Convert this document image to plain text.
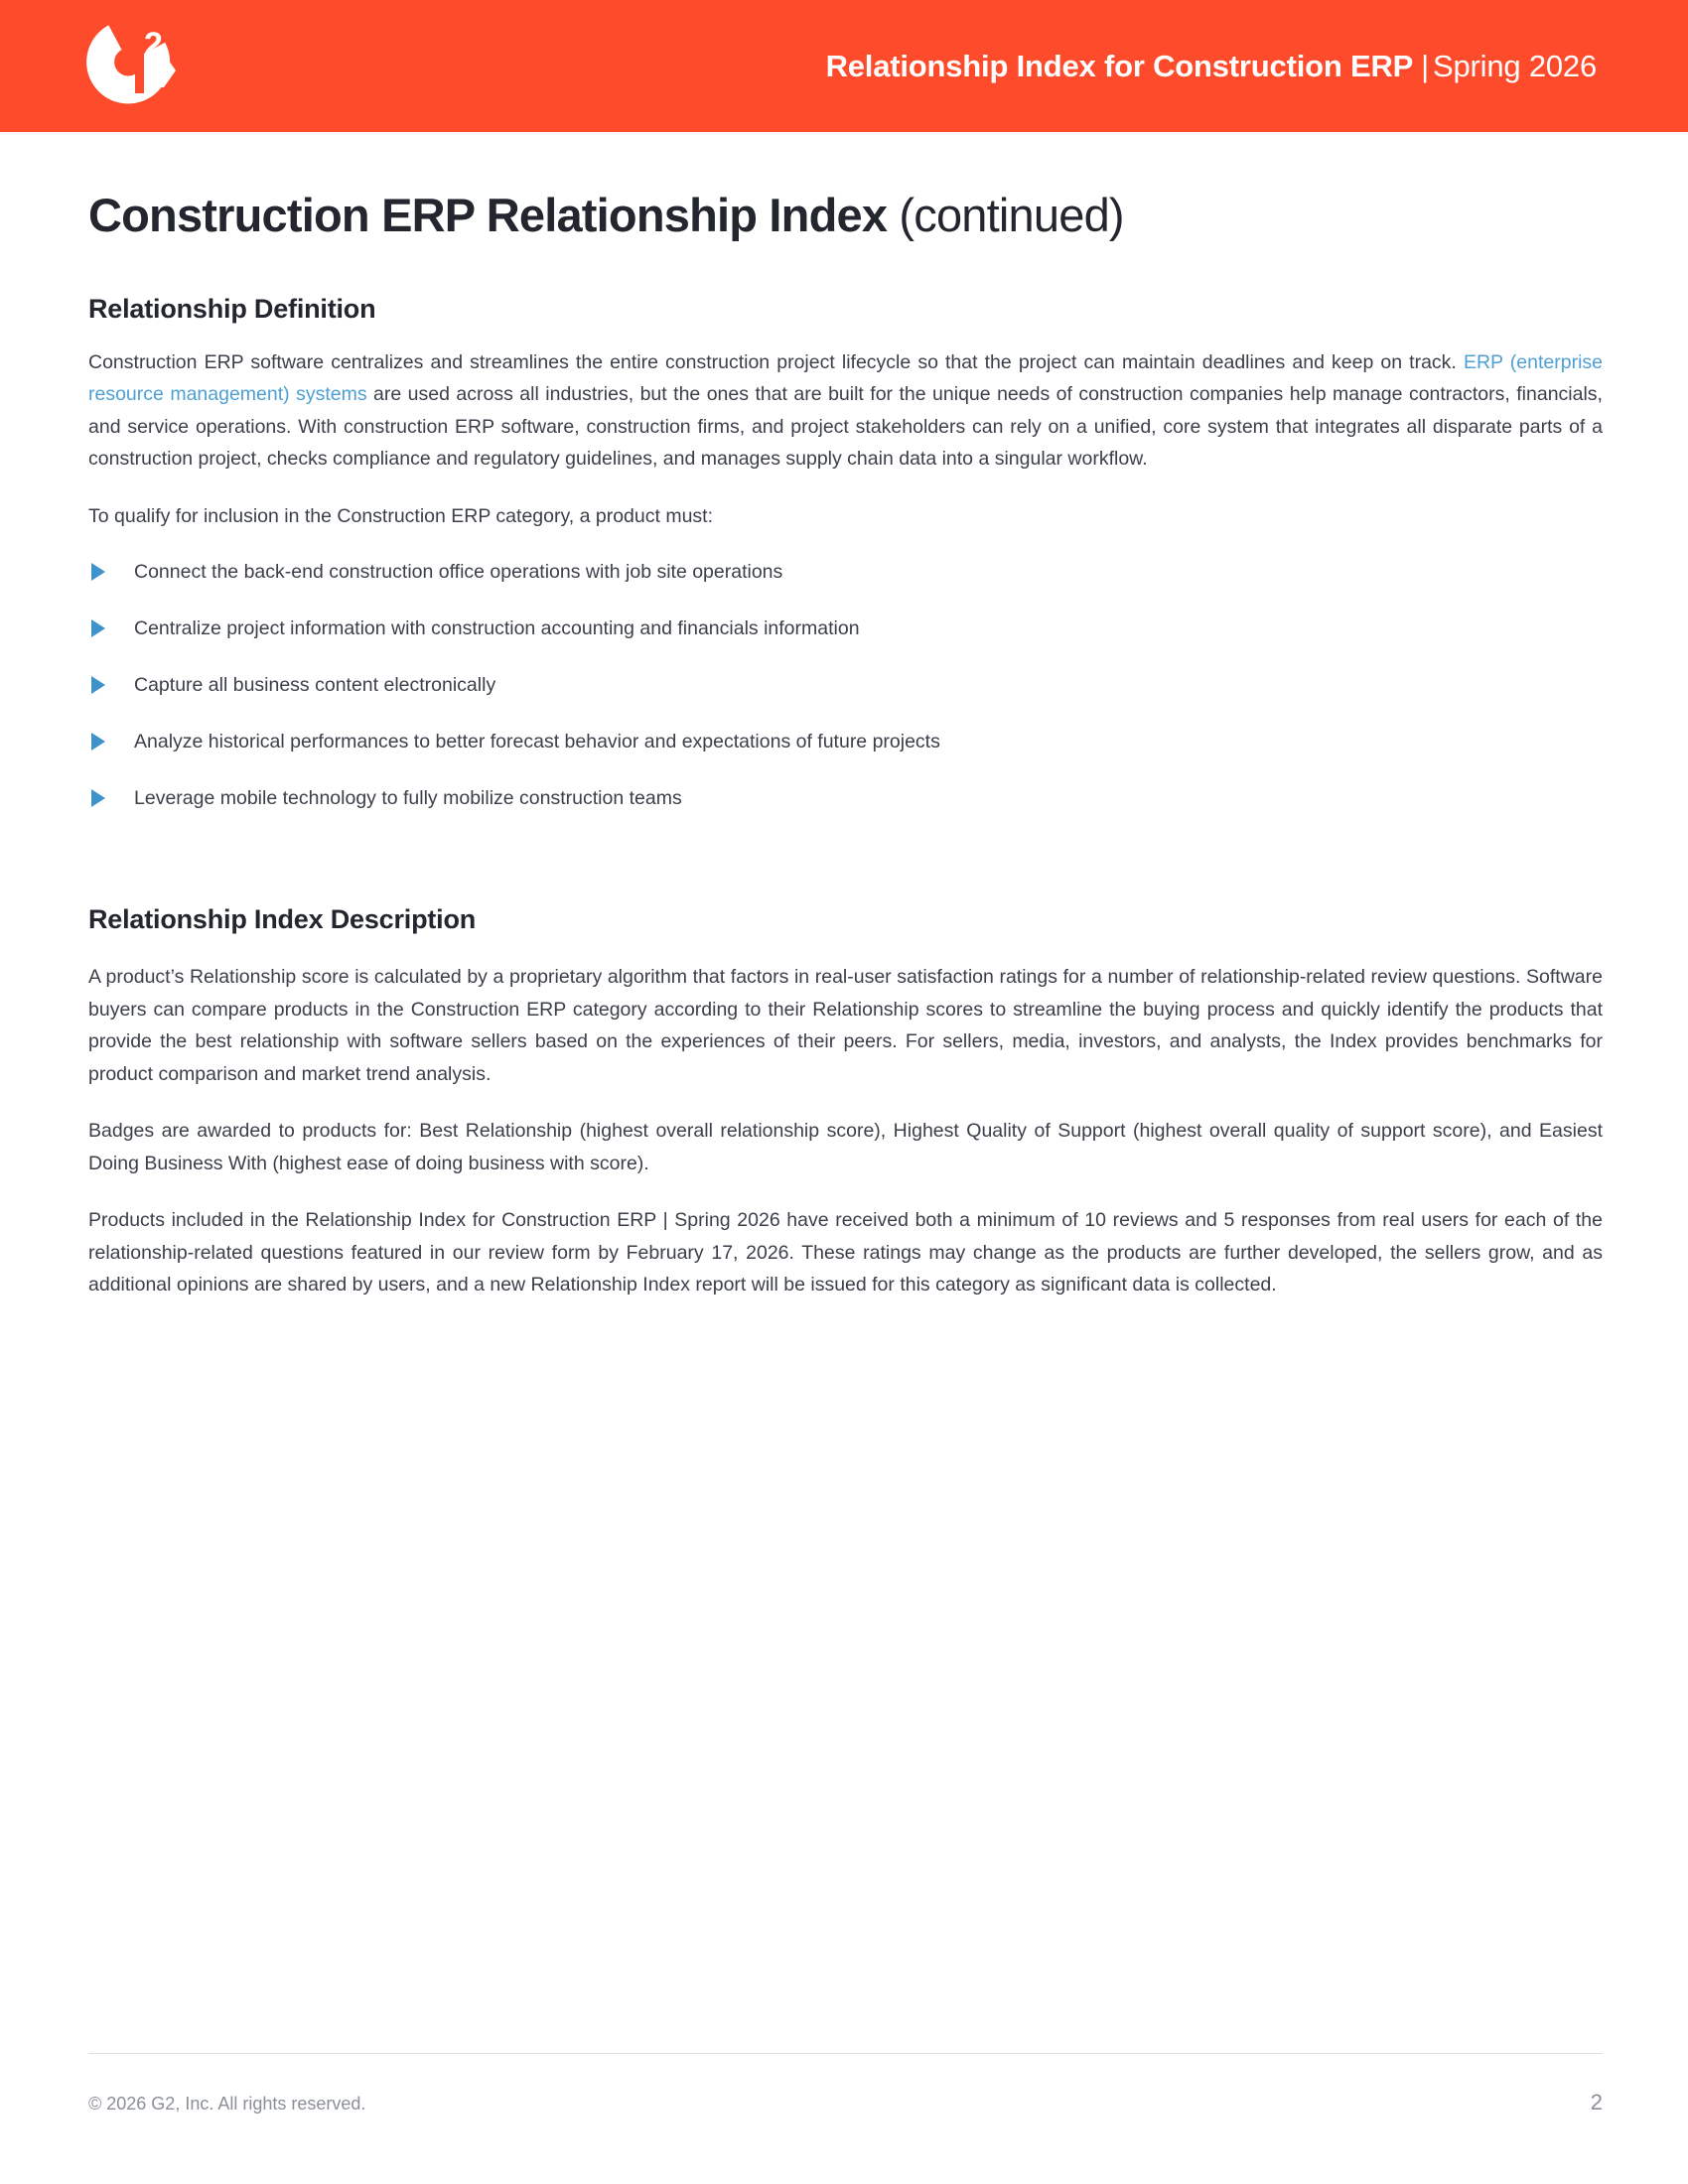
2
Relationship Index for Construction ERP | Spring 2026
Construction ERP Relationship Index (continued)
Relationship Definition

Construction ERP software centralizes and streamlines the entire construction project lifecycle so that the project can maintain deadlines and keep on track. ERP (enterprise resource management) systems are used across all industries, but the ones that are built for the unique needs of construction companies help manage contractors, financials, and service operations. With construction ERP software, construction firms, and project stakeholders can rely on a unified, core system that integrates all disparate parts of a construction project, checks compliance and regulatory guidelines, and manages supply chain data into a singular workflow.

To qualify for inclusion in the Construction ERP category, a product must:

Connect the back-end construction office operations with job site operations
Centralize project information with construction accounting and financials information
Capture all business content electronically
Analyze historical performances to better forecast behavior and expectations of future projects
Leverage mobile technology to fully mobilize construction teams
Relationship Index Description

A product’s Relationship score is calculated by a proprietary algorithm that factors in real-user satisfaction ratings for a number of relationship-related review questions. Software buyers can compare products in the Construction ERP category according to their Relationship scores to streamline the buying process and quickly identify the products that provide the best relationship with software sellers based on the experiences of their peers. For sellers, media, investors, and analysts, the Index provides benchmarks for product comparison and market trend analysis.

Badges are awarded to products for: Best Relationship (highest overall relationship score), Highest Quality of Support (highest overall quality of support score), and Easiest Doing Business With (highest ease of doing business with score).

Products included in the Relationship Index for Construction ERP | Spring 2026 have received both a minimum of 10 reviews and 5 responses from real users for each of the relationship-related questions featured in our review form by February 17, 2026. These ratings may change as the products are further developed, the sellers grow, and as additional opinions are shared by users, and a new Relationship Index report will be issued for this category as significant data is collected.

© 2026 G2, Inc. All rights reserved.	2
